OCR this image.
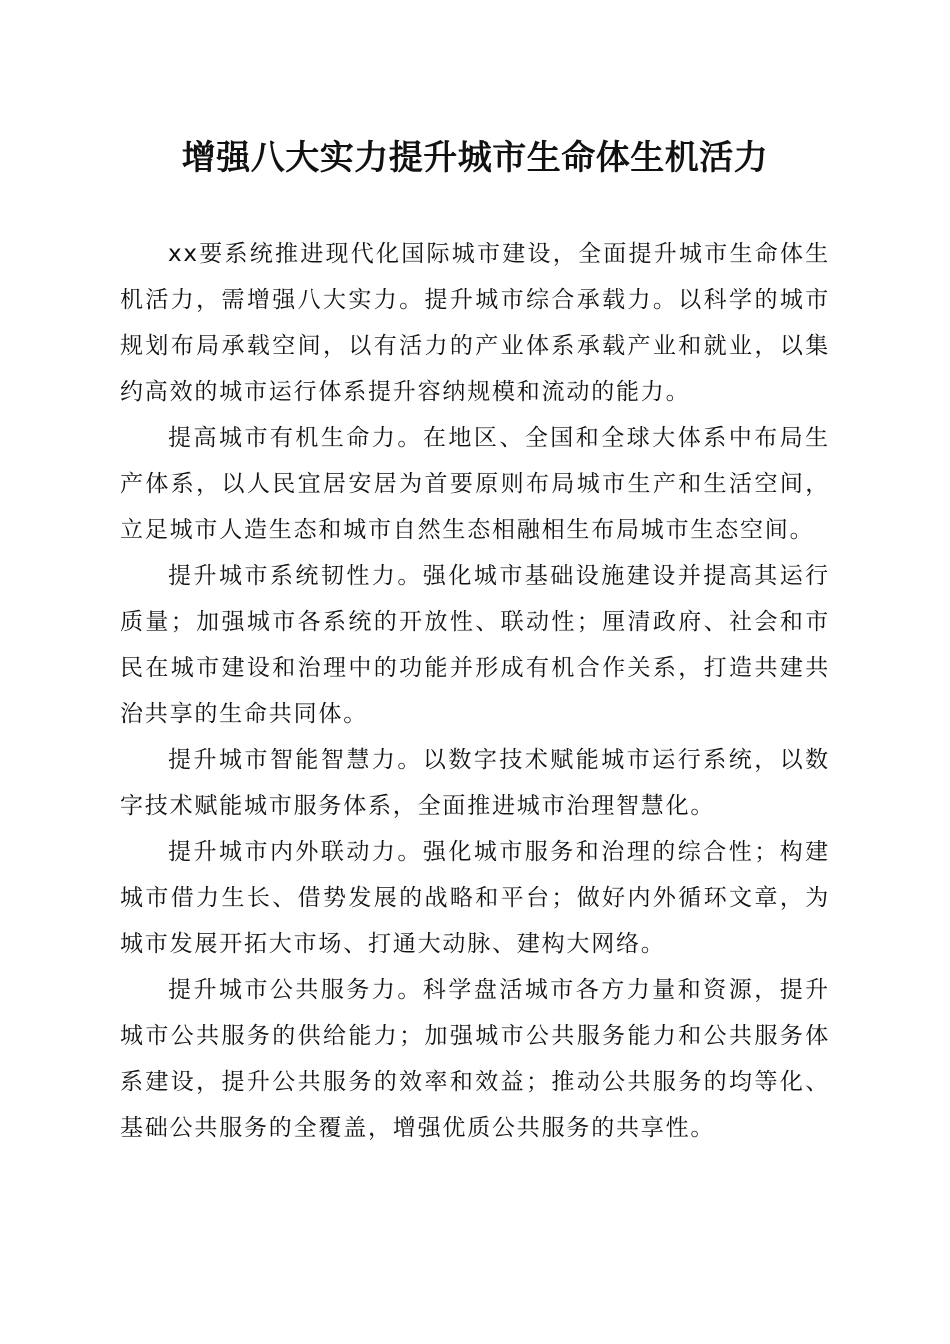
增强八大实力提升城市生命体生机活力

xx要系统推进现代化国际城市建设，全面提升城市生命体生机活力，需增强八大实力。提升城市综合承载力。以科学的城市规划布局承载空间，以有活力的产业体系承载产业和就业，以集约高效的城市运行体系提升容纳规模和流动的能力。

提高城市有机生命力。在地区、全国和全球大体系中布局生产体系，以人民宜居安居为首要原则布局城市生产和生活空间，立足城市人造生态和城市自然生态相融相生布局城市生态空间。

提升城市系统韧性力。强化城市基础设施建设并提高其运行质量；加强城市各系统的开放性、联动性；厘清政府、社会和市民在城市建设和治理中的功能并形成有机合作关系，打造共建共治共享的生命共同体。

提升城市智能智慧力。以数字技术赋能城市运行系统，以数字技术赋能城市服务体系，全面推进城市治理智慧化。

提升城市内外联动力。强化城市服务和治理的综合性；构建城市借力生长、借势发展的战略和平台；做好内外循环文章，为城市发展开拓大市场、打通大动脉、建构大网络。

提升城市公共服务力。科学盘活城市各方力量和资源，提升城市公共服务的供给能力；加强城市公共服务能力和公共服务体系建设，提升公共服务的效率和效益；推动公共服务的均等化、基础公共服务的全覆盖，增强优质公共服务的共享性。
